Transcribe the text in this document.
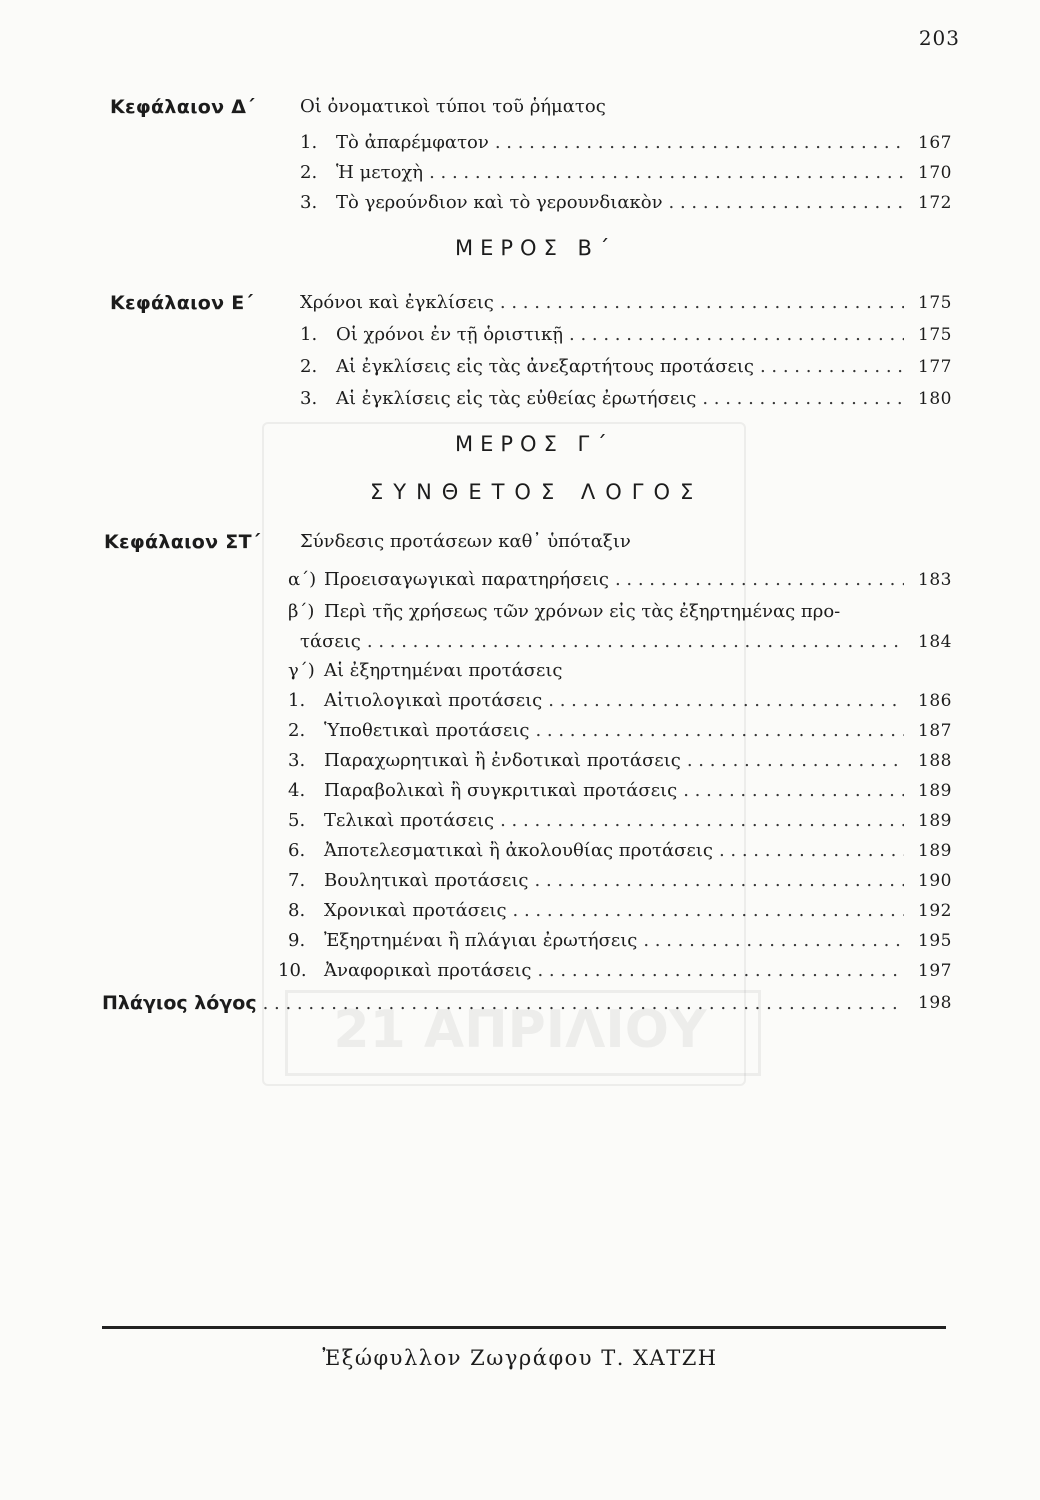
21 ΑΠΡΙΛΙΟΥ
203
Κεφάλαιον Δ΄	Οἱ ὀνοματικοὶ τύποι τοῦ ῥήματος
1.	Τὸ ἀπαρέμφατον . . .	167
2.	Ἡ μετοχὴ . . .	170
3.	Τὸ γερούνδιον καὶ τὸ γερουνδιακὸν . . .	172
ΜΕΡΟΣ Β΄
Κεφάλαιον Ε΄	Χρόνοι καὶ ἐγκλίσεις . . .	175
1.	Οἱ χρόνοι ἐν τῇ ὁριστικῇ . . .	175
2.	Αἱ ἐγκλίσεις εἰς τὰς ἀνεξαρτήτους προτάσεις . . .	177
3.	Αἱ ἐγκλίσεις εἰς τὰς εὐθείας ἐρωτήσεις . . .	180
ΜΕΡΟΣ Γ΄
ΣΥΝΘΕΤΟΣ ΛΟΓΟΣ
Κεφάλαιον ΣΤ΄ Σύνδεσις προτάσεων καθ᾽ ὑπόταξιν
α΄) Προεισαγωγικαὶ παρατηρήσεις . . .	183
β΄) Περὶ τῆς χρήσεως τῶν χρόνων εἰς τὰς ἐξηρτημένας προ-
τάσεις . . .	184
γ΄) Αἱ ἐξηρτημέναι προτάσεις
1.	Αἰτιολογικαὶ προτάσεις . . .	186
2.	Ὑποθετικαὶ προτάσεις . . .	187
3.	Παραχωρητικαὶ ἢ ἐνδοτικαὶ προτάσεις . . .	188
4.	Παραβολικαὶ ἢ συγκριτικαὶ προτάσεις . . .	189
5.	Τελικαὶ προτάσεις . . .	189
6.	Ἀποτελεσματικαὶ ἢ ἀκολουθίας προτάσεις . . .	189
7.	Βουλητικαὶ προτάσεις . . .	190
8.	Χρονικαὶ προτάσεις . . .	192
9.	Ἐξηρτημέναι ἢ πλάγιαι ἐρωτήσεις . . .	195
10. Ἀναφορικαὶ προτάσεις . . .	197
Πλάγιος λόγος . . .	198
Ἐξώφυλλον Ζωγράφου Τ. ΧΑΤΖΗ
